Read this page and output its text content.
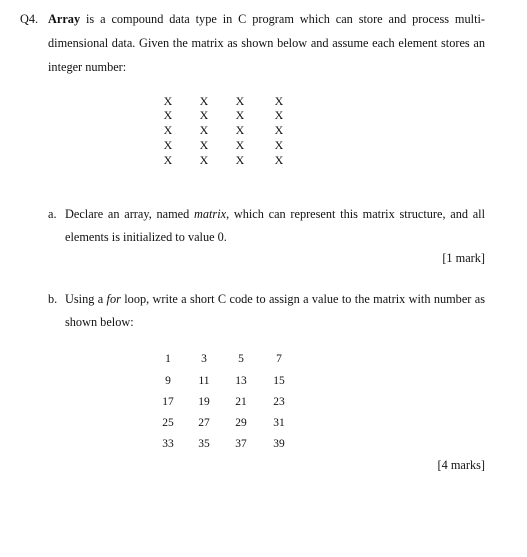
Q4. Array is a compound data type in C program which can store and process multi-
dimensional data. Given the matrix as shown below and assume each element stores an
integer number:
X	X	X	X
X	X	X	X
X	X	X	X
X	X	X	X
X	X	X	X
a. Declare an array, named matrix, which can represent this matrix structure, and all
elements is initialized to value 0.
[1 mark]
b. Using a for loop, write a short C code to assign a value to the matrix with number as
shown below:
1	3	5	7
9	11	13	15
17	19	21	23
25	27	29	31
33	35	37	39
[4 marks]
